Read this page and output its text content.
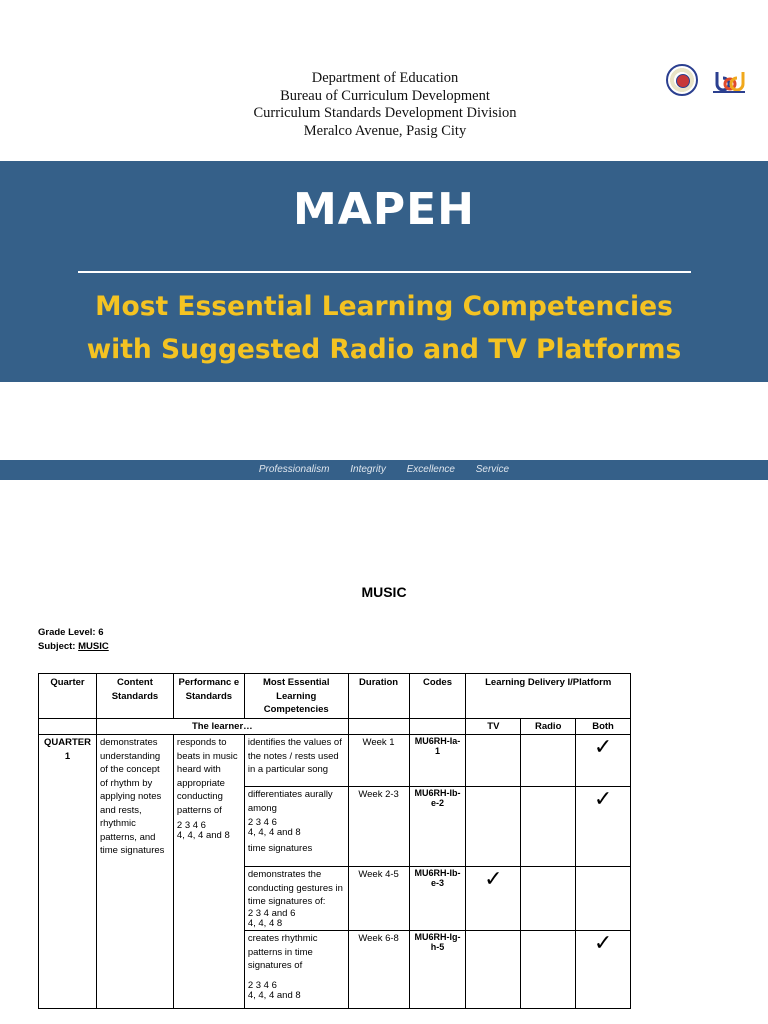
Department of Education
Bureau of Curriculum Development
Curriculum Standards Development Division
Meralco Avenue, Pasig City
MAPEH
Most Essential Learning Competencies
with Suggested Radio and TV Platforms
Professionalism Integrity Excellence Service
MUSIC
Grade Level: 6
Subject: MUSIC
Quarter	Content Standards	Performanc e Standards	Most Essential Learning Competencies	Duration	Codes	Learning Delivery I/Platform		
	The learner…					TV	Radio	Both
QUARTER 1	demonstrates understanding of the concept of rhythm by applying notes and rests, rhythmic patterns, and time signatures	responds to beats in music heard with appropriate conducting patterns of
2 3 4 6
4, 4, 4 and 8	identifies the values of the notes / rests used in a particular song	Week 1	MU6RH-Ia-1			✓

			differentiates aurally among
2 3 4 6
4, 4, 4 and 8
time signatures	Week 2-3	MU6RH-Ib-e-2			✓

			demonstrates the conducting gestures in time signatures of:
2 3 4 and 6
4, 4, 4 8	Week 4-5	MU6RH-Ib-e-3	✓		

			creates rhythmic patterns in time signatures of
2 3 4 6
4, 4, 4 and 8	Week 6-8	MU6RH-Ig-h-5			✓
